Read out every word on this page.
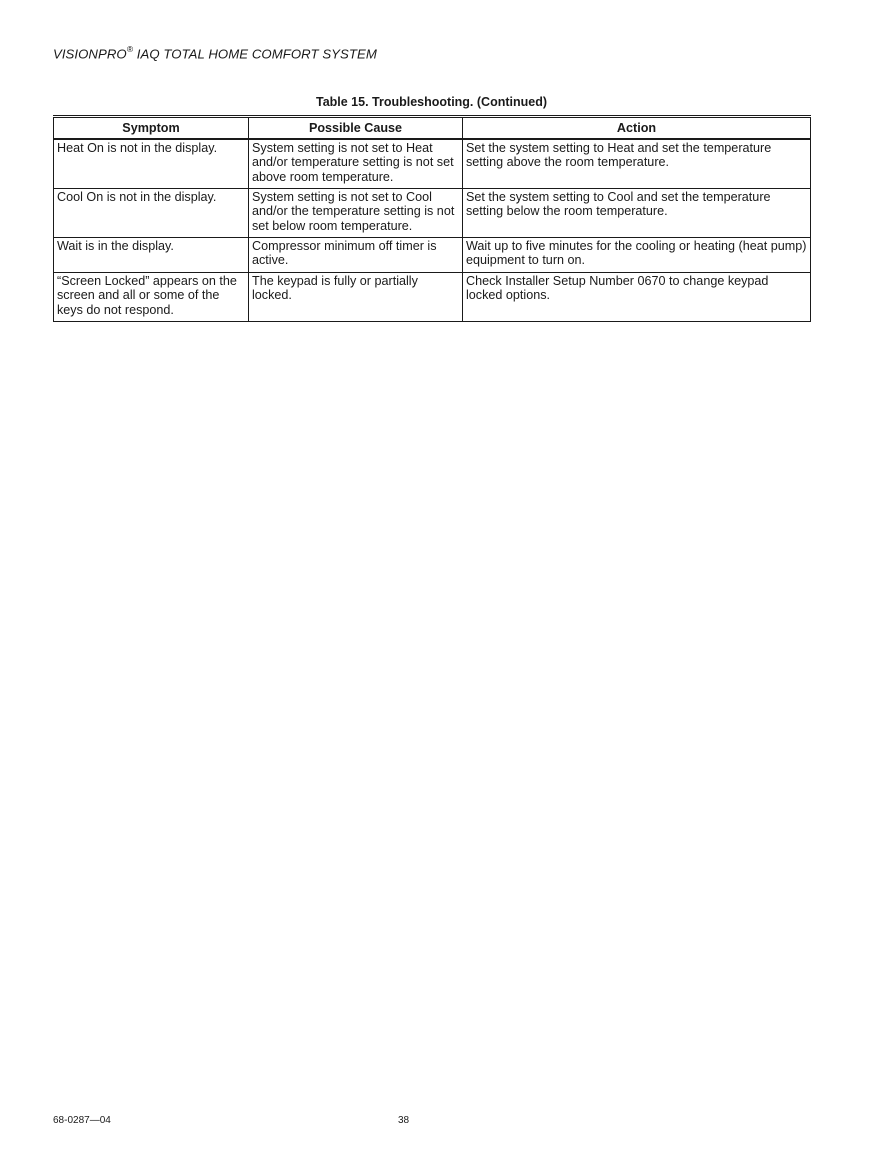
VISIONPRO® IAQ TOTAL HOME COMFORT SYSTEM
Table 15. Troubleshooting. (Continued)
Symptom	Possible Cause	Action
Heat On is not in the display.	System setting is not set to Heat and/or temperature setting is not set above room temperature.	Set the system setting to Heat and set the temperature setting above the room temperature.
Cool On is not in the display.	System setting is not set to Cool and/or the temperature setting is not set below room temperature.	Set the system setting to Cool and set the temperature setting below the room temperature.
Wait is in the display.	Compressor minimum off timer is active.	Wait up to five minutes for the cooling or heating (heat pump) equipment to turn on.
“Screen Locked” appears on the screen and all or some of the keys do not respond.	The keypad is fully or partially locked.	Check Installer Setup Number 0670 to change keypad locked options.
68-0287—04	38
